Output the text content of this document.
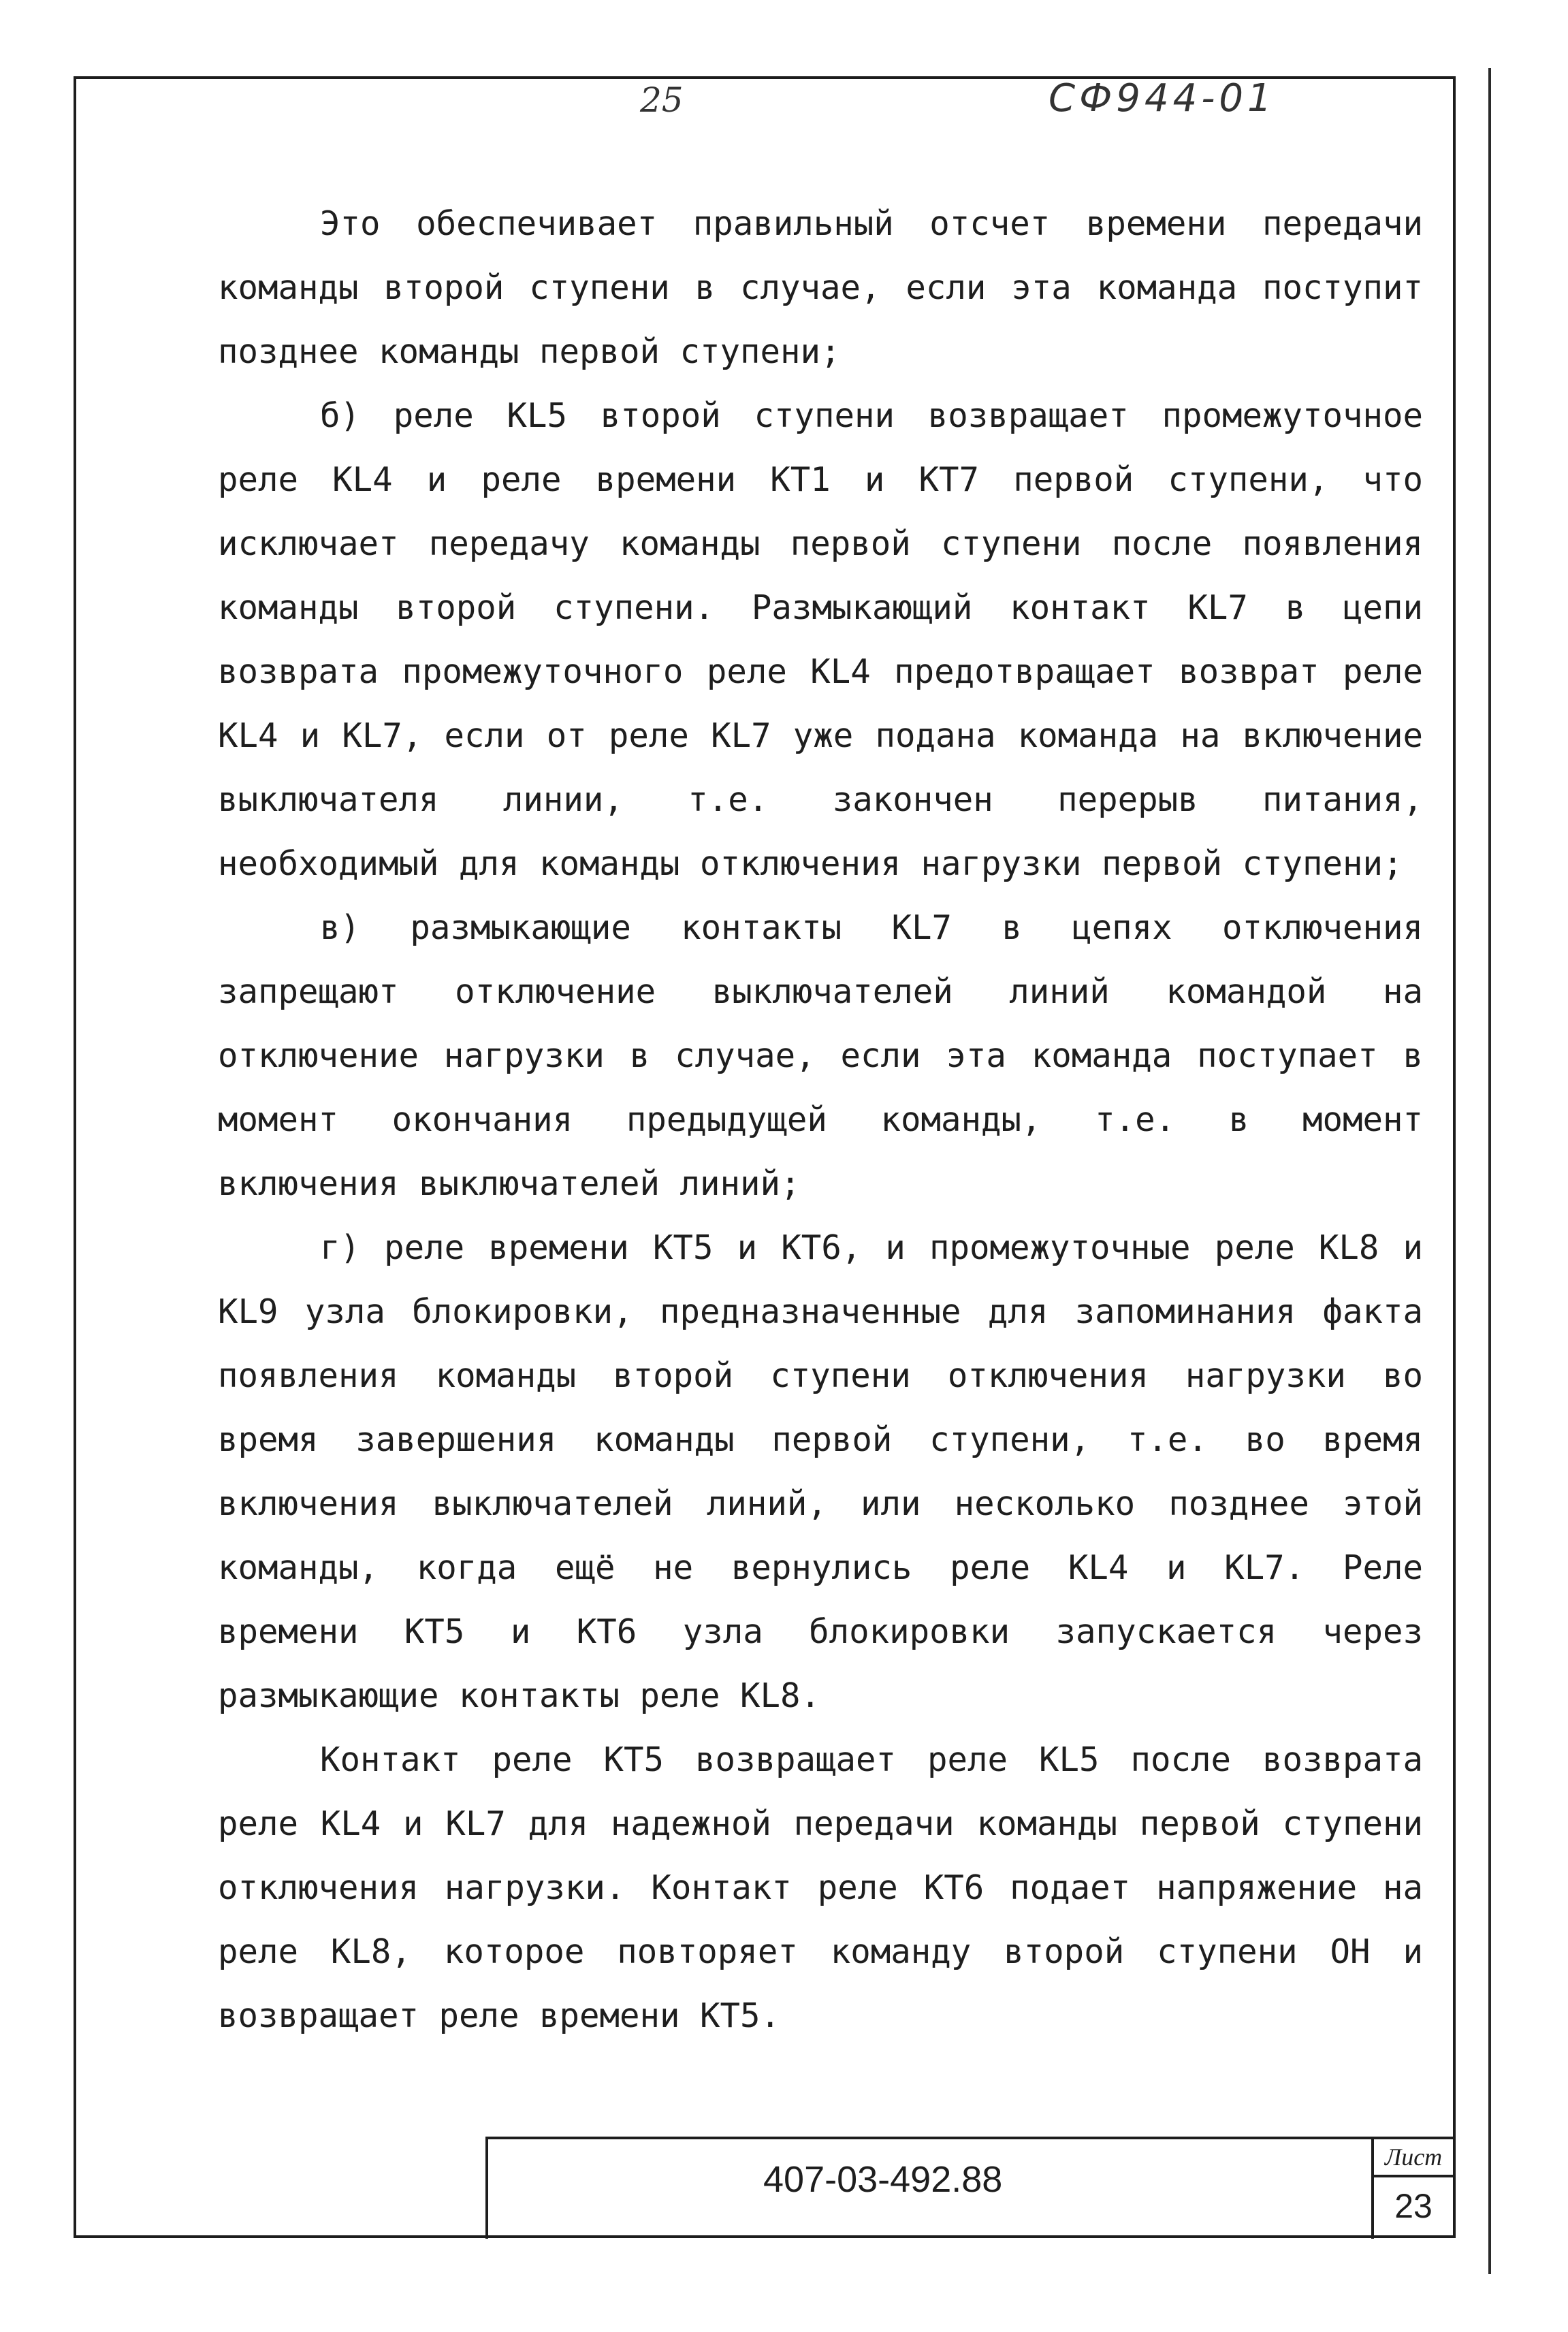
25	СФ944-01

Это обеспечивает правильный отсчет времени передачи команды второй ступени в случае, если эта команда поступит позднее команды первой ступени;

б) реле KL5 второй ступени возвращает промежуточное реле KL4 и реле времени КТ1 и КТ7 первой ступени, что исключает передачу команды первой ступени после появления команды второй ступени. Размыкающий контакт KL7 в цепи возврата промежуточного реле KL4 предотвращает возврат реле KL4 и KL7, если от реле KL7 уже подана команда на включение выключателя линии, т.е. закончен перерыв питания, необходимый для команды отключения нагрузки первой ступени;

в) размыкающие контакты KL7 в цепях отключения запрещают отключение выключателей линий командой на отключение нагрузки в случае, если эта команда поступает в момент окончания предыдущей команды, т.е. в момент включения выключателей линий;

г) реле времени КТ5 и КТ6, и промежуточные реле KL8 и KL9 узла блокировки, предназначенные для запоминания факта появления команды второй ступени отключения нагрузки во время завершения команды первой ступени, т.е. во время включения выключателей линий, или несколько позднее этой команды, когда ещё не вернулись реле KL4 и KL7. Реле времени КТ5 и КТ6 узла блокировки запускается через размыкающие контакты реле KL8.

Контакт реле КТ5 возвращает реле KL5 после возврата реле KL4 и KL7 для надежной передачи команды первой ступени отключения нагрузки. Контакт реле КТ6 подает напряжение на реле KL8, которое повторяет команду второй ступени ОН и возвращает реле времени КТ5.

407-03-492.88
Лист
23
